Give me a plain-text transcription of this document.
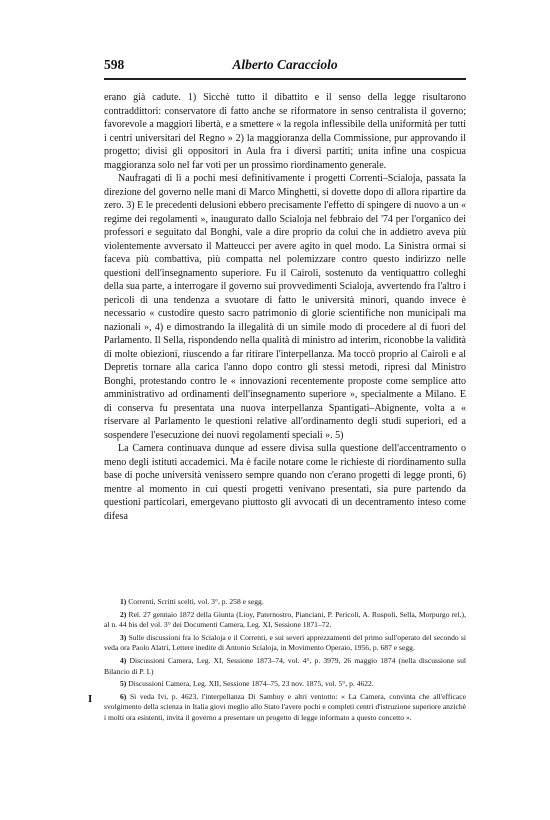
598	Alberto Caracciolo

erano già cadute. 1) Sicchè tutto il dibattito e il senso della legge risultarono contraddittori: conservatore di fatto anche se riformatore in senso centralista il governo; favorevole a maggiori libertà, e a smettere « la regola inflessibile della uniformità per tutti i centri universitari del Regno » 2) la maggioranza della Commissione, pur approvando il progetto; divisi gli oppositori in Aula fra i diversi partiti; unita infine una cospicua maggioranza solo nel far voti per un prossimo riordinamento generale.

Naufragati di lì a pochi mesi definitivamente i progetti Correnti–Scialoja, passata la direzione del governo nelle mani di Marco Minghetti, si dovette dopo di allora ripartire da zero. 3) E le precedenti delusioni ebbero precisamente l'effetto di spingere di nuovo a un « regime dei regolamenti », inaugurato dallo Scialoja nel febbraio del '74 per l'organico dei professori e seguitato dal Bonghi, vale a dire proprio da colui che in addietro aveva più violentemente avversato il Matteucci per avere agito in quel modo. La Sinistra ormai si faceva più combattiva, più compatta nel polemizzare contro questo indirizzo nelle questioni dell'insegnamento superiore. Fu il Cairoli, sostenuto da ventiquattro colleghi della sua parte, a interrogare il governo sui provvedimenti Scialoja, avvertendo fra l'altro i pericoli di una tendenza a svuotare di fatto le università minori, quando invece è necessario « custodire questo sacro patrimonio di glorie scientifiche non municipali ma nazionali », 4) e dimostrando la illegalità di un simile modo di procedere al di fuori del Parlamento. Il Sella, rispondendo nella qualità di ministro ad interim, riconobbe la validità di molte obiezioni, riuscendo a far ritirare l'interpellanza. Ma toccò proprio al Cairoli e al Depretis tornare alla carica l'anno dopo contro gli stessi metodi, ripresi dal Ministro Bonghi, protestando contro le « innovazioni recentemente proposte come semplice atto amministrativo ad ordinamenti dell'insegnamento superiore », specialmente a Milano. E di conserva fu presentata una nuova interpellanza Spantigati–Abignente, volta a « riservare al Parlamento le questioni relative all'ordinamento degli studi superiori, ed a sospendere l'esecuzione dei nuovi regolamenti speciali ». 5)

La Camera continuava dunque ad essere divisa sulla questione dell'accentramento o meno degli istituti accademici. Ma è facile notare come le richieste di riordinamento sulla base di poche università venissero sempre quando non c'erano progetti di legge pronti, 6) mentre al momento in cui questi progetti venivano presentati, sia pure partendo da questioni particolari, emergevano piuttosto gli avvocati di un decentramento inteso come difesa

1) Correnti, Scritti scelti, vol. 3°, p. 258 e segg.

2) Rel. 27 gennaio 1872 della Giunta (Lioy, Paternostro, Pianciani, P. Pericoli, A. Ruspoli, Sella, Morpurgo rel.), al n. 44 bis del vol. 3° dei Documenti Camera, Leg. XI, Sessione 1871–72.

3) Sulle discussioni fra lo Scialoja e il Correnti, e sui severi apprezzamenti del primo sull'operato del secondo si veda ora Paolo Alatri, Lettere inedite di Antonio Scialoja, in Movimento Operaio, 1956, p. 687 e segg.

4) Discussioni Camera, Leg. XI, Sessione 1873–74, vol. 4°, p. 3979, 26 maggio 1874 (nella discussione sul Bilancio di P. I.)

5) Discussioni Camera, Leg. XII, Sessione 1874–75, 23 nov. 1875, vol. 5°, p. 4622.

6) Si veda Ivi, p. 4623, l'interpellanza Di Sambuy e altri ventotto: « La Camera, convinta che all'efficace svolgimento della scienza in Italia giovi meglio allo Stato l'avere pochi e completi centri d'istruzione superiore anzichè i molti ora esistenti, invita il governo a presentare un progetto di legge informato a questo concetto ».

I
